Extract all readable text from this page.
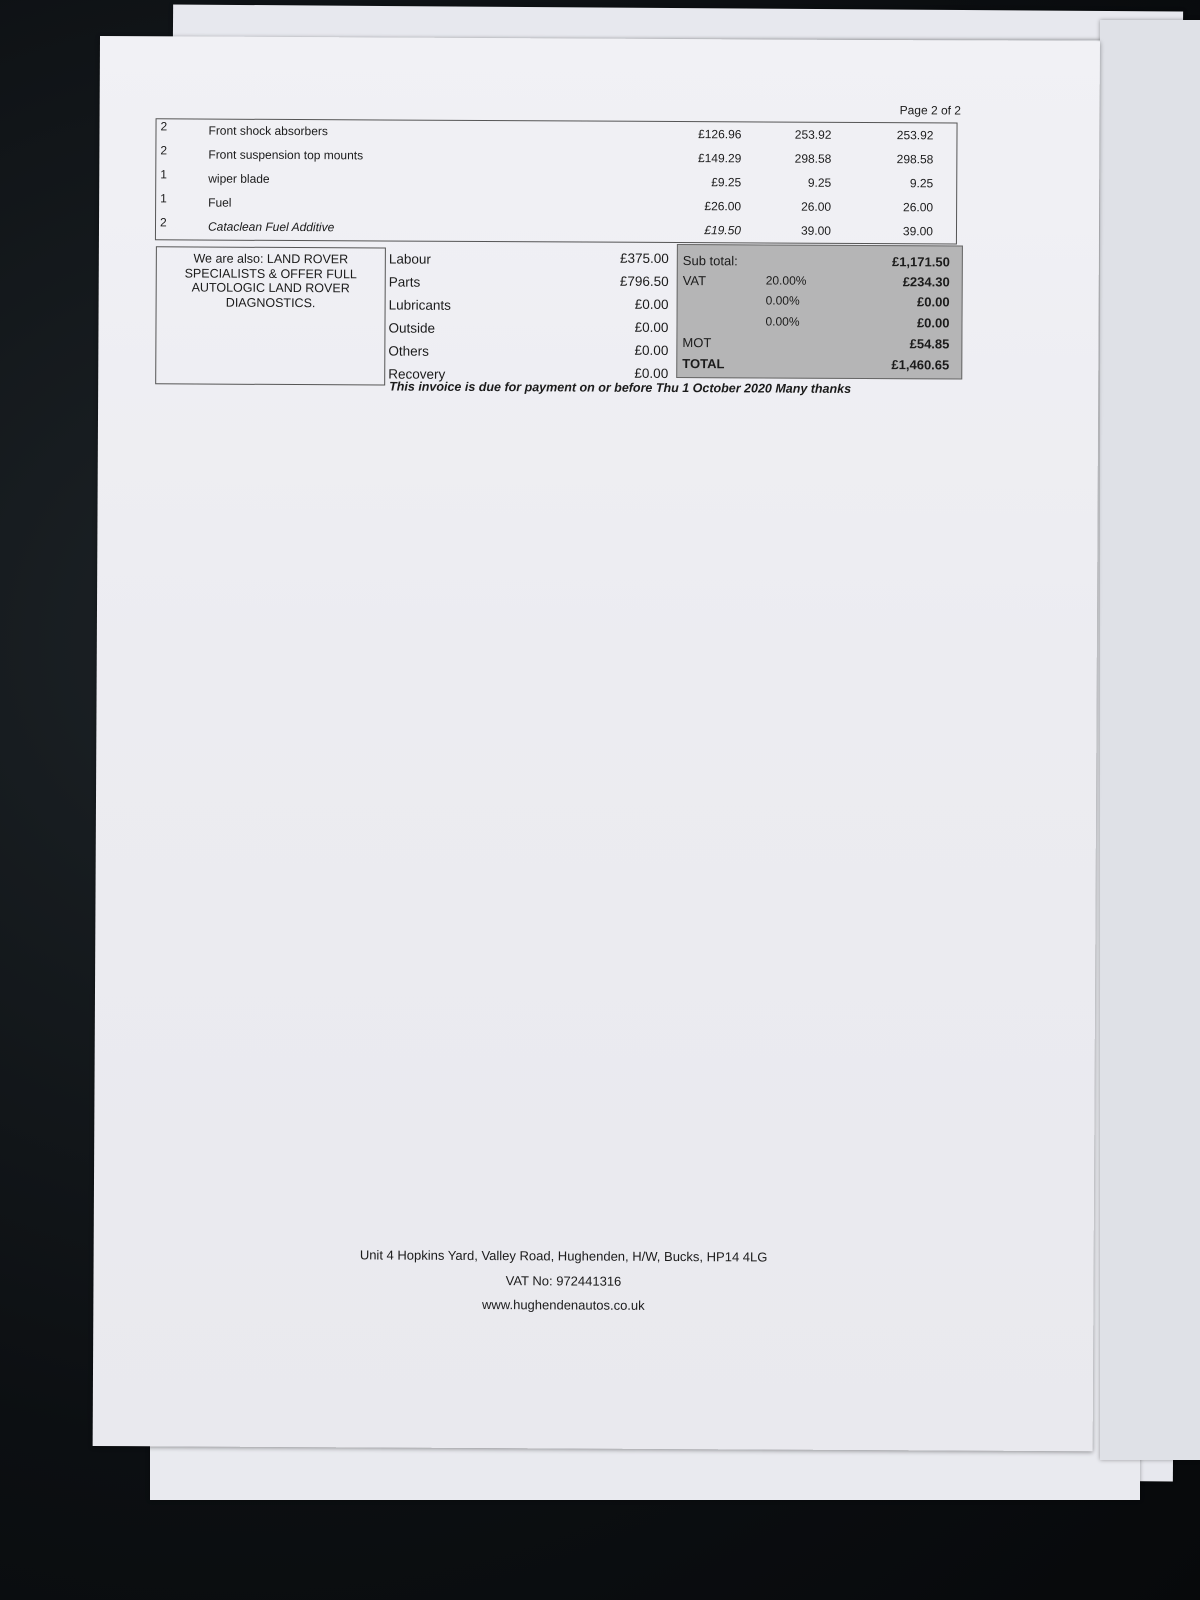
Page 2 of 2
2	Front shock absorbers	£126.96	253.92	253.92
2	Front suspension top mounts	£149.29	298.58	298.58
1	wiper blade	£9.25	9.25	9.25
1	Fuel	£26.00	26.00	26.00
2	Cataclean Fuel Additive	£19.50	39.00	39.00
We are also: LAND ROVER
SPECIALISTS & OFFER FULL
AUTOLOGIC LAND ROVER
DIAGNOSTICS.
Labour	£375.00
Parts	£796.50
Lubricants	£0.00
Outside	£0.00
Others	£0.00
Recovery	£0.00
Sub total:	£1,171.50
VAT	20.00%	£234.30
0.00%	£0.00
0.00%	£0.00
MOT	£54.85
TOTAL	£1,460.65
This invoice is due for payment on or before Thu 1 October 2020 Many thanks
Unit 4 Hopkins Yard, Valley Road, Hughenden, H/W, Bucks, HP14 4LG
VAT No: 972441316
www.hughendenautos.co.uk
